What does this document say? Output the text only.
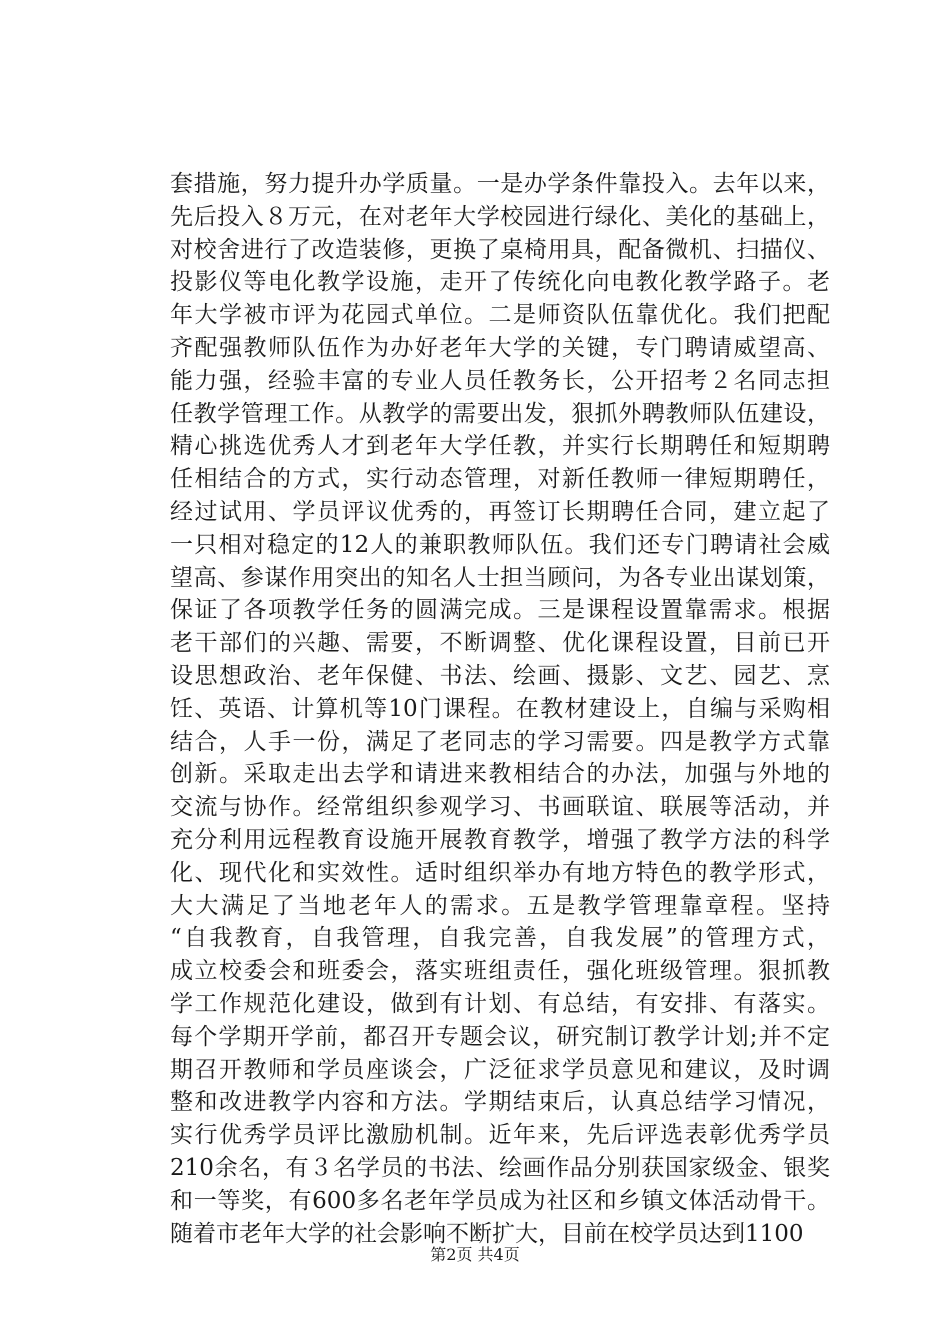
套措施，努力提升办学质量。一是办学条件靠投入。去年以来，
先后投入８万元，在对老年大学校园进行绿化、美化的基础上，
对校舍进行了改造装修，更换了桌椅用具，配备微机、扫描仪、
投影仪等电化教学设施，走开了传统化向电教化教学路子。老
年大学被市评为花园式单位。二是师资队伍靠优化。我们把配
齐配强教师队伍作为办好老年大学的关键，专门聘请威望高、
能力强，经验丰富的专业人员任教务长，公开招考２名同志担
任教学管理工作。从教学的需要出发，狠抓外聘教师队伍建设，
精心挑选优秀人才到老年大学任教，并实行长期聘任和短期聘
任相结合的方式，实行动态管理，对新任教师一律短期聘任，
经过试用、学员评议优秀的，再签订长期聘任合同，建立起了
一只相对稳定的12人的兼职教师队伍。我们还专门聘请社会威
望高、参谋作用突出的知名人士担当顾问，为各专业出谋划策，
保证了各项教学任务的圆满完成。三是课程设置靠需求。根据
老干部们的兴趣、需要，不断调整、优化课程设置，目前已开
设思想政治、老年保健、书法、绘画、摄影、文艺、园艺、烹
饪、英语、计算机等10门课程。在教材建设上，自编与采购相
结合，人手一份，满足了老同志的学习需要。四是教学方式靠
创新。采取走出去学和请进来教相结合的办法，加强与外地的
交流与协作。经常组织参观学习、书画联谊、联展等活动，并
充分利用远程教育设施开展教育教学，增强了教学方法的科学
化、现代化和实效性。适时组织举办有地方特色的教学形式，
大大满足了当地老年人的需求。五是教学管理靠章程。坚持
“自我教育，自我管理，自我完善，自我发展”的管理方式，
成立校委会和班委会，落实班组责任，强化班级管理。狠抓教
学工作规范化建设，做到有计划、有总结，有安排、有落实。
每个学期开学前，都召开专题会议，研究制订教学计划;并不定
期召开教师和学员座谈会，广泛征求学员意见和建议，及时调
整和改进教学内容和方法。学期结束后，认真总结学习情况，
实行优秀学员评比激励机制。近年来，先后评选表彰优秀学员
210余名，有３名学员的书法、绘画作品分别获国家级金、银奖
和一等奖，有600多名老年学员成为社区和乡镇文体活动骨干。
随着市老年大学的社会影响不断扩大，目前在校学员达到1100
第2页 共4页
